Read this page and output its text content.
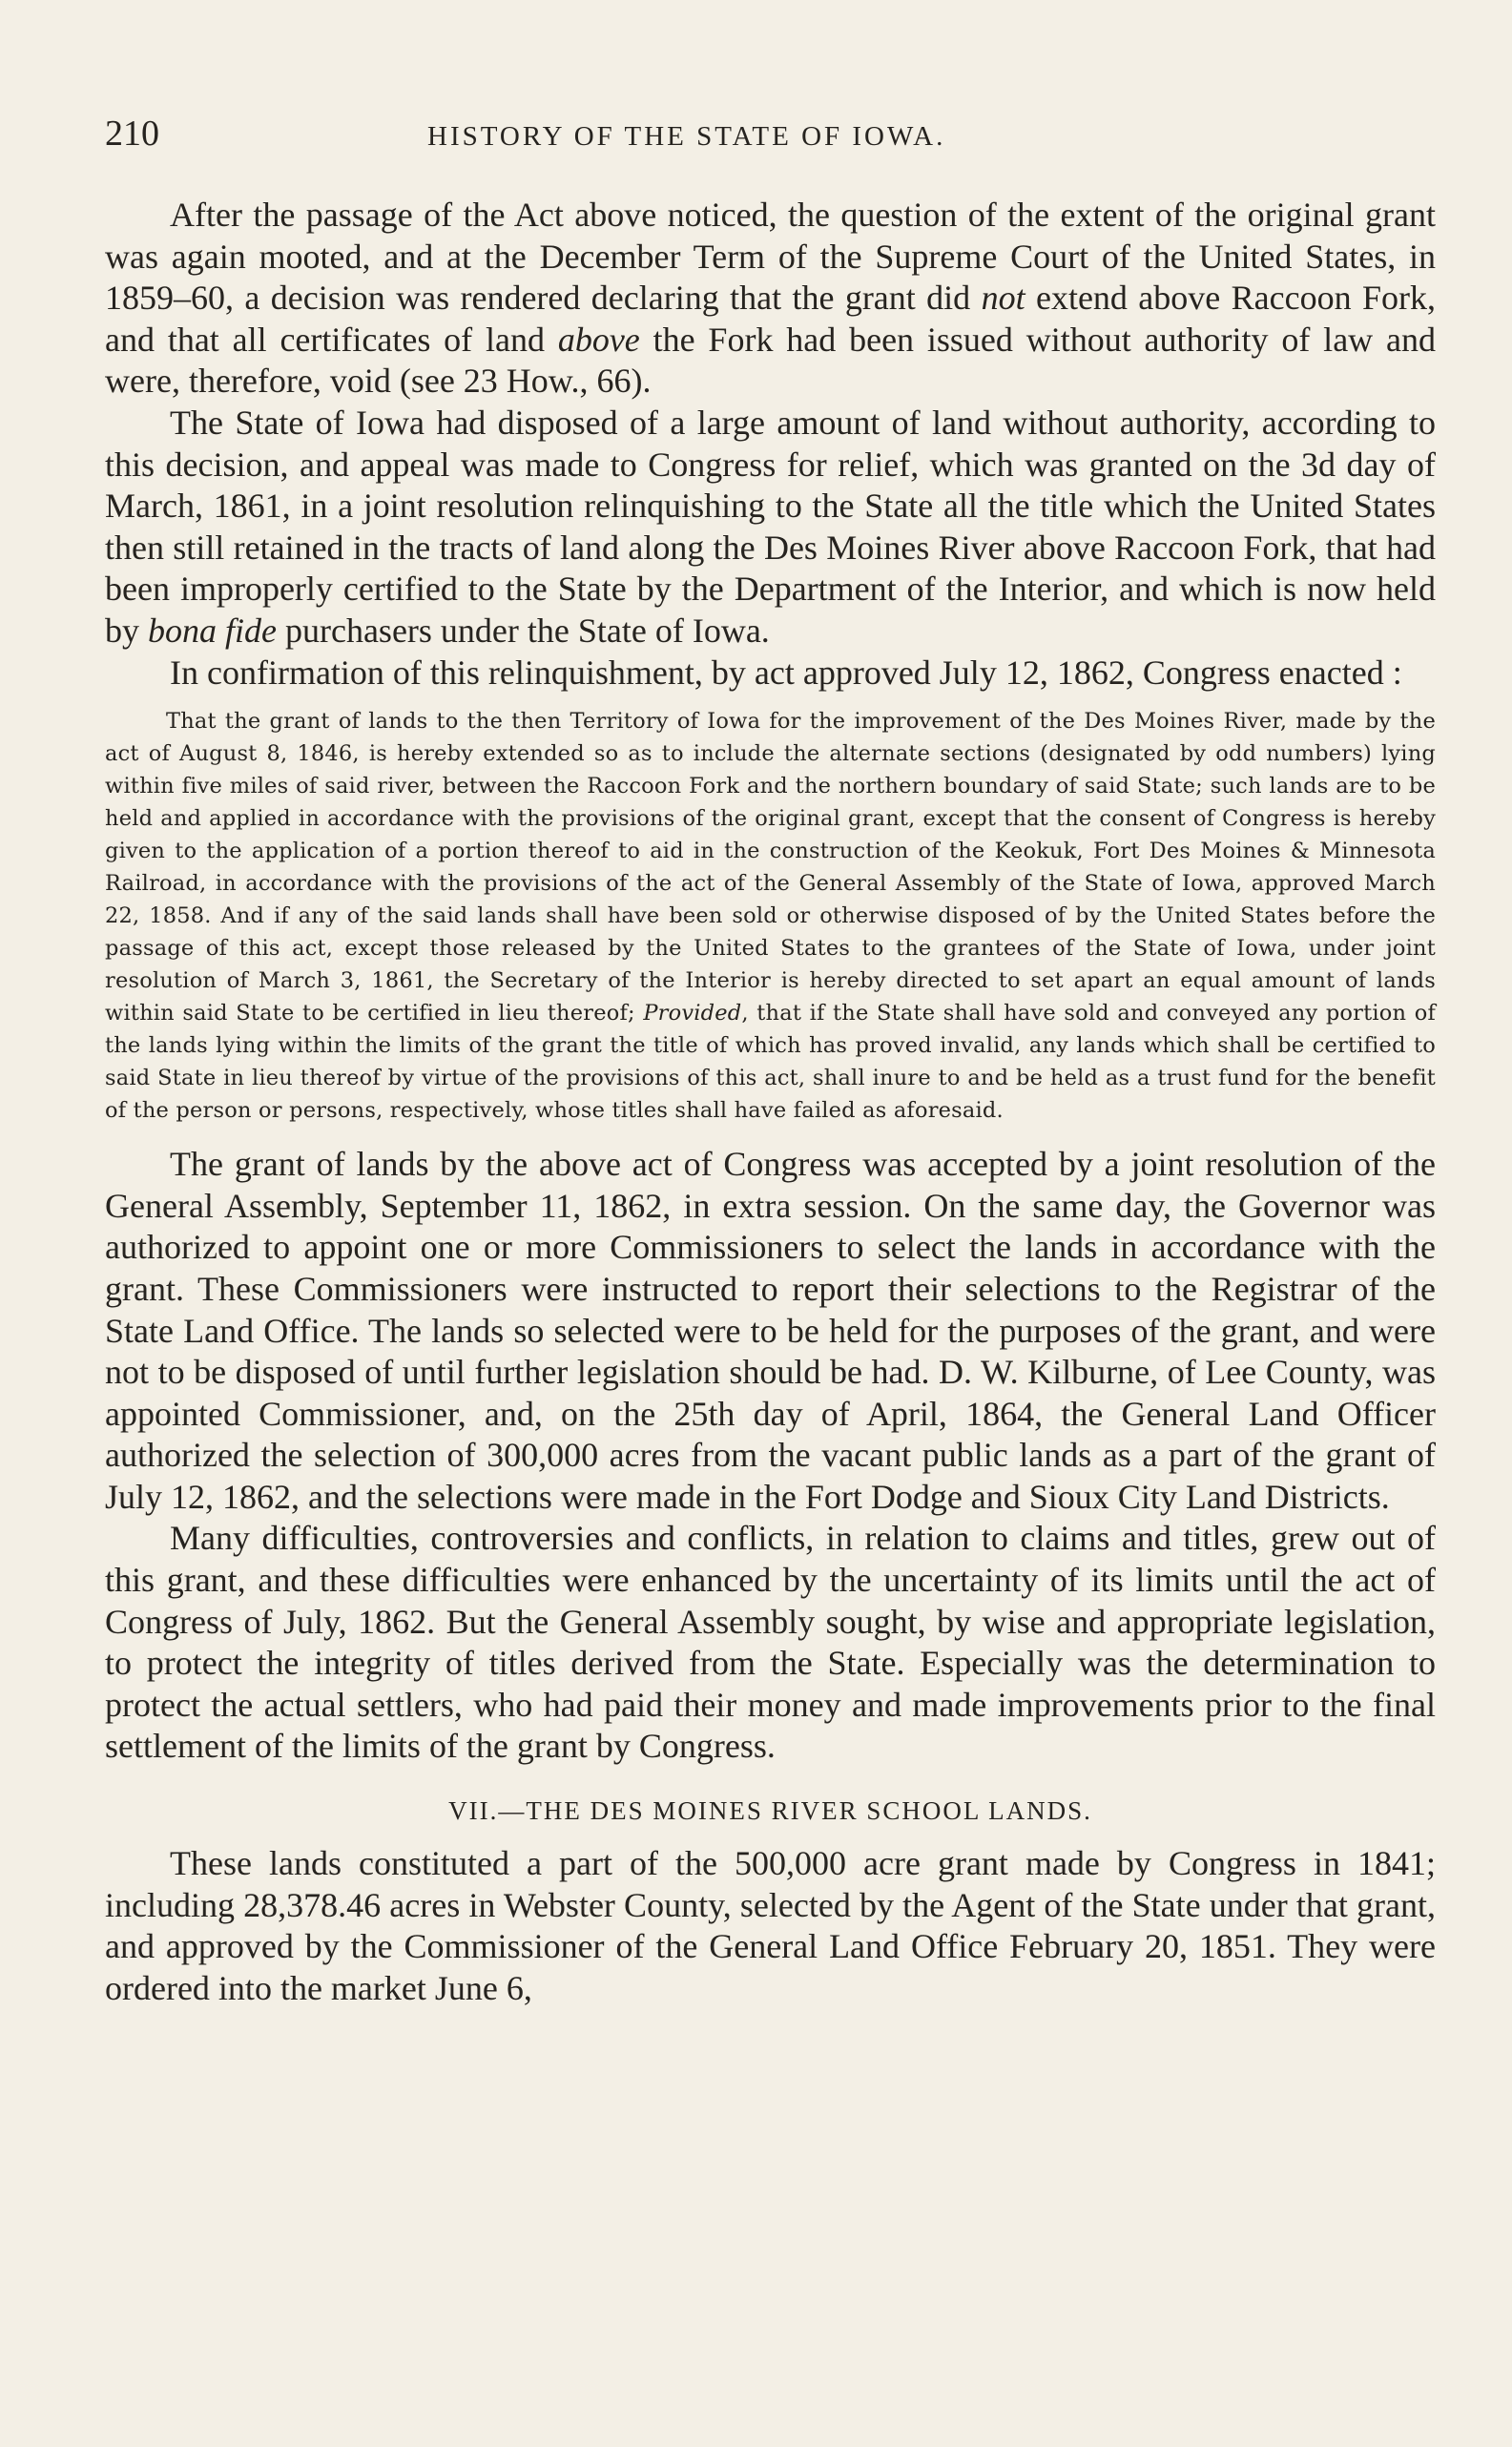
210	HISTORY OF THE STATE OF IOWA.

After the passage of the Act above noticed, the question of the extent of the original grant was again mooted, and at the December Term of the Supreme Court of the United States, in 1859–60, a decision was rendered declaring that the grant did not extend above Raccoon Fork, and that all certificates of land above the Fork had been issued without authority of law and were, therefore, void (see 23 How., 66).

The State of Iowa had disposed of a large amount of land without authority, according to this decision, and appeal was made to Congress for relief, which was granted on the 3d day of March, 1861, in a joint resolution relinquishing to the State all the title which the United States then still retained in the tracts of land along the Des Moines River above Raccoon Fork, that had been improperly certified to the State by the Department of the Interior, and which is now held by bona fide purchasers under the State of Iowa.

In confirmation of this relinquishment, by act approved July 12, 1862, Congress enacted :

That the grant of lands to the then Territory of Iowa for the improvement of the Des Moines River, made by the act of August 8, 1846, is hereby extended so as to include the alternate sections (designated by odd numbers) lying within five miles of said river, between the Raccoon Fork and the northern boundary of said State; such lands are to be held and applied in accordance with the provisions of the original grant, except that the consent of Congress is hereby given to the application of a portion thereof to aid in the construction of the Keokuk, Fort Des Moines & Minnesota Railroad, in accordance with the provisions of the act of the General Assembly of the State of Iowa, approved March 22, 1858. And if any of the said lands shall have been sold or otherwise disposed of by the United States before the passage of this act, except those released by the United States to the grantees of the State of Iowa, under joint resolution of March 3, 1861, the Secretary of the Interior is hereby directed to set apart an equal amount of lands within said State to be certified in lieu thereof; Provided, that if the State shall have sold and conveyed any portion of the lands lying within the limits of the grant the title of which has proved invalid, any lands which shall be certified to said State in lieu thereof by virtue of the provisions of this act, shall inure to and be held as a trust fund for the benefit of the person or persons, respectively, whose titles shall have failed as aforesaid.

The grant of lands by the above act of Congress was accepted by a joint resolution of the General Assembly, September 11, 1862, in extra session. On the same day, the Governor was authorized to appoint one or more Commissioners to select the lands in accordance with the grant. These Commissioners were instructed to report their selections to the Registrar of the State Land Office. The lands so selected were to be held for the purposes of the grant, and were not to be disposed of until further legislation should be had. D. W. Kilburne, of Lee County, was appointed Commissioner, and, on the 25th day of April, 1864, the General Land Officer authorized the selection of 300,000 acres from the vacant public lands as a part of the grant of July 12, 1862, and the selections were made in the Fort Dodge and Sioux City Land Districts.

Many difficulties, controversies and conflicts, in relation to claims and titles, grew out of this grant, and these difficulties were enhanced by the uncertainty of its limits until the act of Congress of July, 1862. But the General Assembly sought, by wise and appropriate legislation, to protect the integrity of titles derived from the State. Especially was the determination to protect the actual settlers, who had paid their money and made improvements prior to the final settlement of the limits of the grant by Congress.

VII.—THE DES MOINES RIVER SCHOOL LANDS.

These lands constituted a part of the 500,000 acre grant made by Congress in 1841; including 28,378.46 acres in Webster County, selected by the Agent of the State under that grant, and approved by the Commissioner of the General Land Office February 20, 1851. They were ordered into the market June 6,
